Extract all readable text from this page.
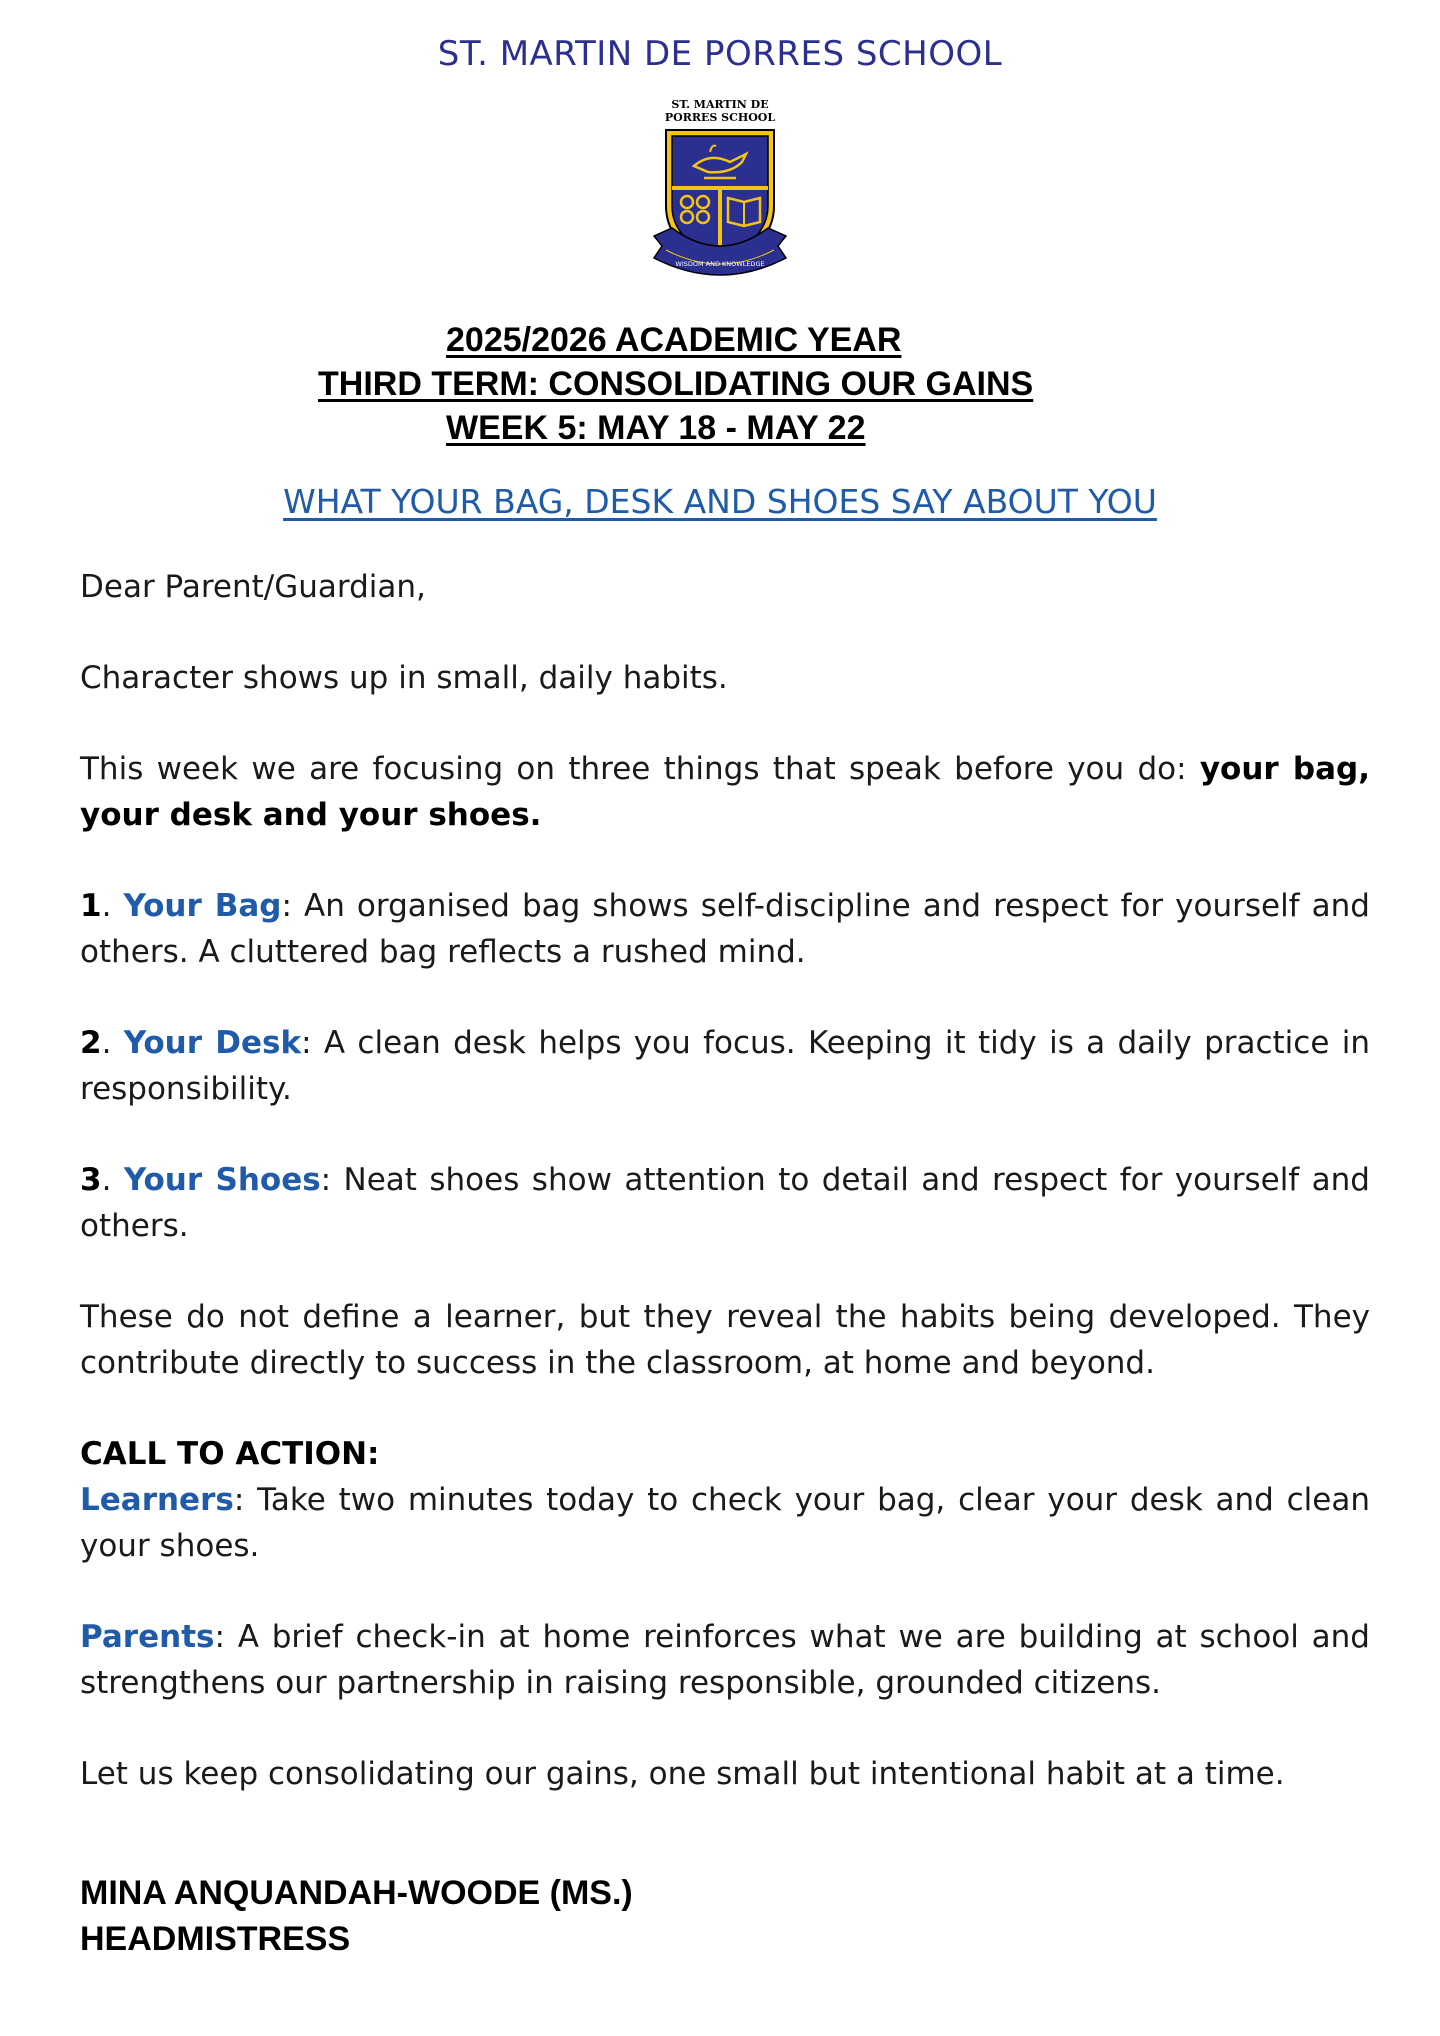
ST. MARTIN DE PORRES SCHOOL
ST. MARTIN DE
PORRES SCHOOL
WISDOM AND KNOWLEDGE
2025/2026 ACADEMIC YEAR
THIRD TERM: CONSOLIDATING OUR GAINS
WEEK 5: MAY 18 - MAY 22
WHAT YOUR BAG, DESK AND SHOES SAY ABOUT YOU
Dear Parent/Guardian,
Character shows up in small, daily habits.
This week we are focusing on three things that speak before you do: your bag, your desk and your shoes.
1. Your Bag: An organised bag shows self-discipline and respect for yourself and others. A cluttered bag reflects a rushed mind.
2. Your Desk: A clean desk helps you focus. Keeping it tidy is a daily practice in responsibility.
3. Your Shoes: Neat shoes show attention to detail and respect for yourself and others.
These do not define a learner, but they reveal the habits being developed. They contribute directly to success in the classroom, at home and beyond.
CALL TO ACTION:
Learners: Take two minutes today to check your bag, clear your desk and clean your shoes.
Parents: A brief check-in at home reinforces what we are building at school and strengthens our partnership in raising responsible, grounded citizens.
Let us keep consolidating our gains, one small but intentional habit at a time.
MINA ANQUANDAH-WOODE (MS.)
HEADMISTRESS
